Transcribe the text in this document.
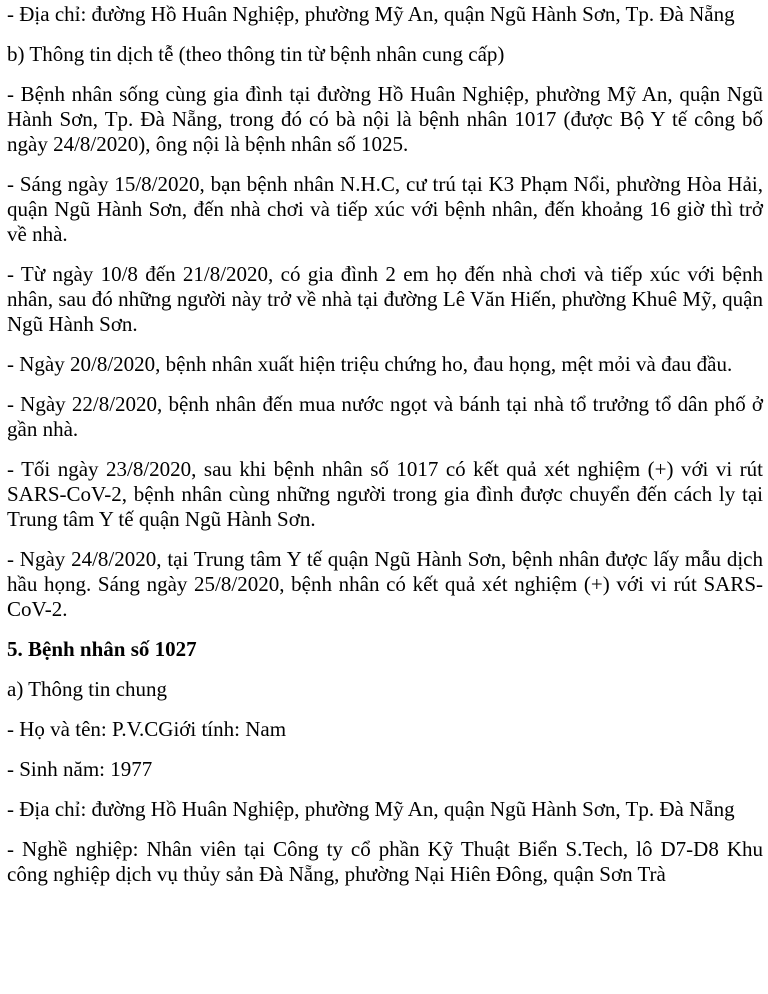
- Địa chỉ: đường Hồ Huân Nghiệp, phường Mỹ An, quận Ngũ Hành Sơn, Tp. Đà Nẵng

b) Thông tin dịch tễ (theo thông tin từ bệnh nhân cung cấp)

- Bệnh nhân sống cùng gia đình tại đường Hồ Huân Nghiệp, phường Mỹ An, quận Ngũ Hành Sơn, Tp. Đà Nẵng, trong đó có bà nội là bệnh nhân 1017 (được Bộ Y tế công bố ngày 24/8/2020), ông nội là bệnh nhân số 1025.

- Sáng ngày 15/8/2020, bạn bệnh nhân N.H.C, cư trú tại K3 Phạm Nổi, phường Hòa Hải, quận Ngũ Hành Sơn, đến nhà chơi và tiếp xúc với bệnh nhân, đến khoảng 16 giờ thì trở về nhà.

- Từ ngày 10/8 đến 21/8/2020, có gia đình 2 em họ đến nhà chơi và tiếp xúc với bệnh nhân, sau đó những người này trở về nhà tại đường Lê Văn Hiến, phường Khuê Mỹ, quận Ngũ Hành Sơn.

- Ngày 20/8/2020, bệnh nhân xuất hiện triệu chứng ho, đau họng, mệt mỏi và đau đầu.

- Ngày 22/8/2020, bệnh nhân đến mua nước ngọt và bánh tại nhà tổ trưởng tổ dân phố ở gần nhà.

- Tối ngày 23/8/2020, sau khi bệnh nhân số 1017 có kết quả xét nghiệm (+) với vi rút SARS-CoV-2, bệnh nhân cùng những người trong gia đình được chuyển đến cách ly tại Trung tâm Y tế quận Ngũ Hành Sơn.

- Ngày 24/8/2020, tại Trung tâm Y tế quận Ngũ Hành Sơn, bệnh nhân được lấy mẫu dịch hầu họng. Sáng ngày 25/8/2020, bệnh nhân có kết quả xét nghiệm (+) với vi rút SARS-CoV-2.

5. Bệnh nhân số 1027

a) Thông tin chung

- Họ và tên: P.V.CGiới tính: Nam

- Sinh năm: 1977

- Địa chỉ: đường Hồ Huân Nghiệp, phường Mỹ An, quận Ngũ Hành Sơn, Tp. Đà Nẵng

- Nghề nghiệp: Nhân viên tại Công ty cổ phần Kỹ Thuật Biển S.Tech, lô D7-D8 Khu công nghiệp dịch vụ thủy sản Đà Nẵng, phường Nại Hiên Đông, quận Sơn Trà
